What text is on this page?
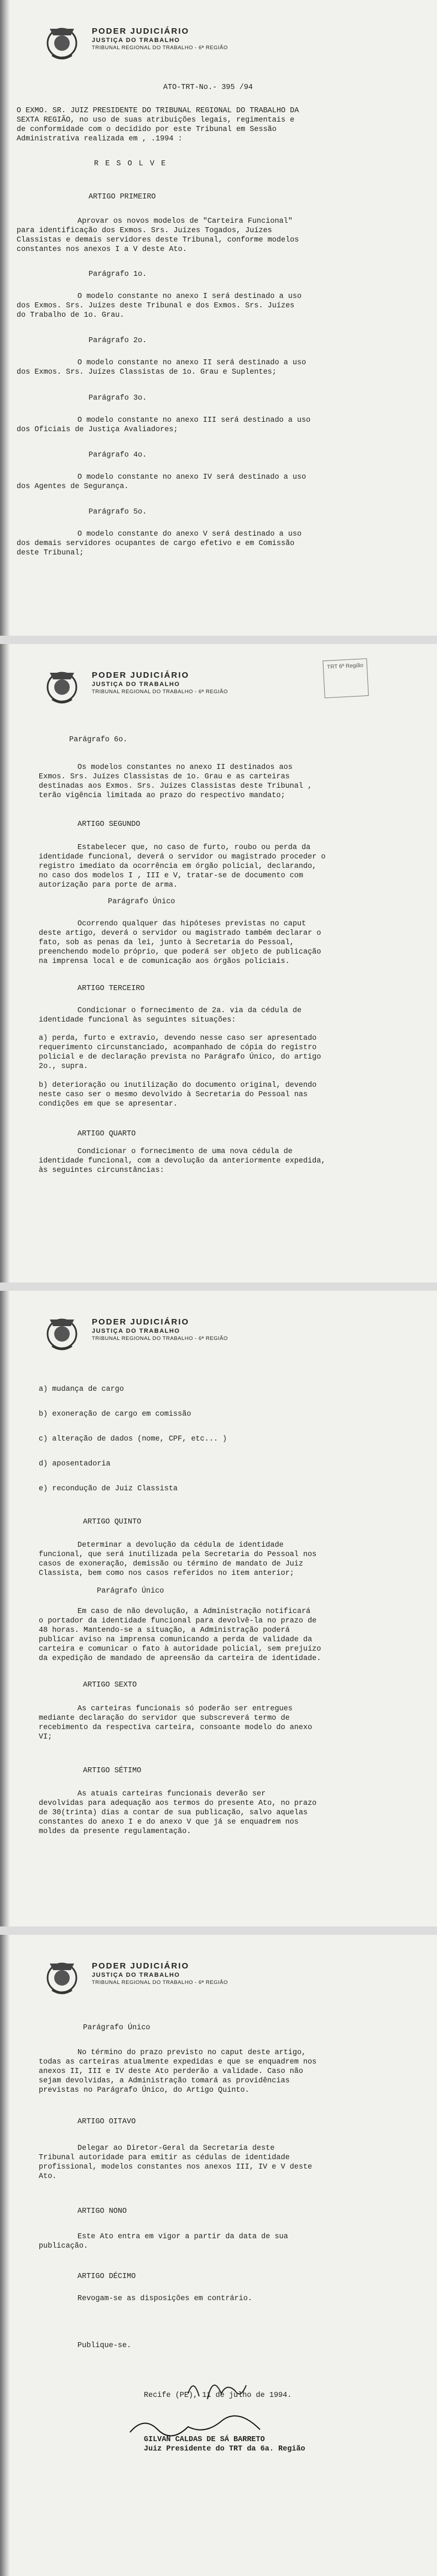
PODER JUDICIÁRIO
JUSTIÇA DO TRABALHO
TRIBUNAL REGIONAL DO TRABALHO - 6ª REGIÃO
ATO-TRT-No.- 395 /94
O EXMO. SR. JUIZ PRESIDENTE DO TRIBUNAL REGIONAL DO TRABALHO DA
SEXTA REGIÃO, no uso de suas atribuições legais, regimentais e
de conformidade com o decidido por este Tribunal em Sessão
Administrativa realizada em , .1994 :
R E S O L V E
ARTIGO PRIMEIRO
Aprovar os novos modelos de "Carteira Funcional"
para identificação dos Exmos. Srs. Juízes Togados, Juízes
Classistas e demais servidores deste Tribunal, conforme modelos
constantes nos anexos I a V deste Ato.
Parágrafo 1o.
O modelo constante no anexo I será destinado a uso
dos Exmos. Srs. Juízes deste Tribunal e dos Exmos. Srs. Juízes
do Trabalho de 1o. Grau.
Parágrafo 2o.
O modelo constante no anexo II será destinado a uso
dos Exmos. Srs. Juízes Classistas de 1o. Grau e Suplentes;
Parágrafo 3o.
O modelo constante no anexo III será destinado a uso
dos Oficiais de Justiça Avaliadores;
Parágrafo 4o.
O modelo constante no anexo IV será destinado a uso
dos Agentes de Segurança.
Parágrafo 5o.
O modelo constante do anexo V será destinado a uso
dos demais servidores ocupantes de cargo efetivo e em Comissão
deste Tribunal;
PODER JUDICIÁRIO
JUSTIÇA DO TRABALHO
TRIBUNAL REGIONAL DO TRABALHO - 6ª REGIÃO
TRT 6ª Região
Parágrafo 6o.
Os modelos constantes no anexo II destinados aos
Exmos. Srs. Juízes Classistas de 1o. Grau e as carteiras
destinadas aos Exmos. Srs. Juízes Classistas deste Tribunal ,
terão vigência limitada ao prazo do respectivo mandato;
ARTIGO SEGUNDO
Estabelecer que, no caso de furto, roubo ou perda da
identidade funcional, deverá o servidor ou magistrado proceder o
registro imediato da ocorrência em órgão policial, declarando,
no caso dos modelos I , III e V, tratar-se de documento com
autorização para porte de arma.
Parágrafo Único
Ocorrendo qualquer das hipóteses previstas no caput
deste artigo, deverá o servidor ou magistrado também declarar o
fato, sob as penas da lei, junto à Secretaria do Pessoal,
preenchendo modelo próprio, que poderá ser objeto de publicação
na imprensa local e de comunicação aos órgãos policiais.
ARTIGO TERCEIRO
Condicionar o fornecimento de 2a. via da cédula de
identidade funcional às seguintes situações:
a) perda, furto e extravio, devendo nesse caso ser apresentado
requerimento circunstanciado, acompanhado de cópia do registro
policial e de declaração prevista no Parágrafo Único, do artigo
2o., supra.
b) deterioração ou inutilização do documento original, devendo
neste caso ser o mesmo devolvido à Secretaria do Pessoal nas
condições em que se apresentar.
ARTIGO QUARTO
Condicionar o fornecimento de uma nova cédula de
identidade funcional, com a devolução da anteriormente expedida,
às seguintes circunstâncias:
PODER JUDICIÁRIO
JUSTIÇA DO TRABALHO
TRIBUNAL REGIONAL DO TRABALHO - 6ª REGIÃO
a) mudança de cargo
b) exoneração de cargo em comissão
c) alteração de dados (nome, CPF, etc... )
d) aposentadoria
e) recondução de Juiz Classista
ARTIGO QUINTO
Determinar a devolução da cédula de identidade
funcional, que será inutilizada pela Secretaria do Pessoal nos
casos de exoneração, demissão ou término de mandato de Juiz
Classista, bem como nos casos referidos no item anterior;
Parágrafo Único
Em caso de não devolução, a Administração notificará
o portador da identidade funcional para devolvê-la no prazo de
48 horas. Mantendo-se a situação, a Administração poderá
publicar aviso na imprensa comunicando a perda de validade da
carteira e comunicar o fato à autoridade policial, sem prejuízo
da expedição de mandado de apreensão da carteira de identidade.
ARTIGO SEXTO
As carteiras funcionais só poderão ser entregues
mediante declaração do servidor que subscreverá termo de
recebimento da respectiva carteira, consoante modelo do anexo
VI;
ARTIGO SÉTIMO
As atuais carteiras funcionais deverão ser
devolvidas para adequação aos termos do presente Ato, no prazo
de 30(trinta) dias a contar de sua publicação, salvo aquelas
constantes do anexo I e do anexo V que já se enquadrem nos
moldes da presente regulamentação.
PODER JUDICIÁRIO
JUSTIÇA DO TRABALHO
TRIBUNAL REGIONAL DO TRABALHO - 6ª REGIÃO
Parágrafo Único
No término do prazo previsto no caput deste artigo,
todas as carteiras atualmente expedidas e que se enquadrem nos
anexos II, III e IV deste Ato perderão a validade. Caso não
sejam devolvidas, a Administração tomará as providências
previstas no Parágrafo Único, do Artigo Quinto.
ARTIGO OITAVO
Delegar ao Diretor-Geral da Secretaria deste
Tribunal autoridade para emitir as cédulas de identidade
profissional, modelos constantes nos anexos III, IV e V deste
Ato.
ARTIGO NONO
Este Ato entra em vigor a partir da data de sua
publicação.
ARTIGO DÉCIMO
Revogam-se as disposições em contrário.
Publique-se.
Recife (PE), 11 de julho de 1994.
GILVAN CALDAS DE SÁ BARRETO
Juiz Presidente do TRT da 6a. Região
